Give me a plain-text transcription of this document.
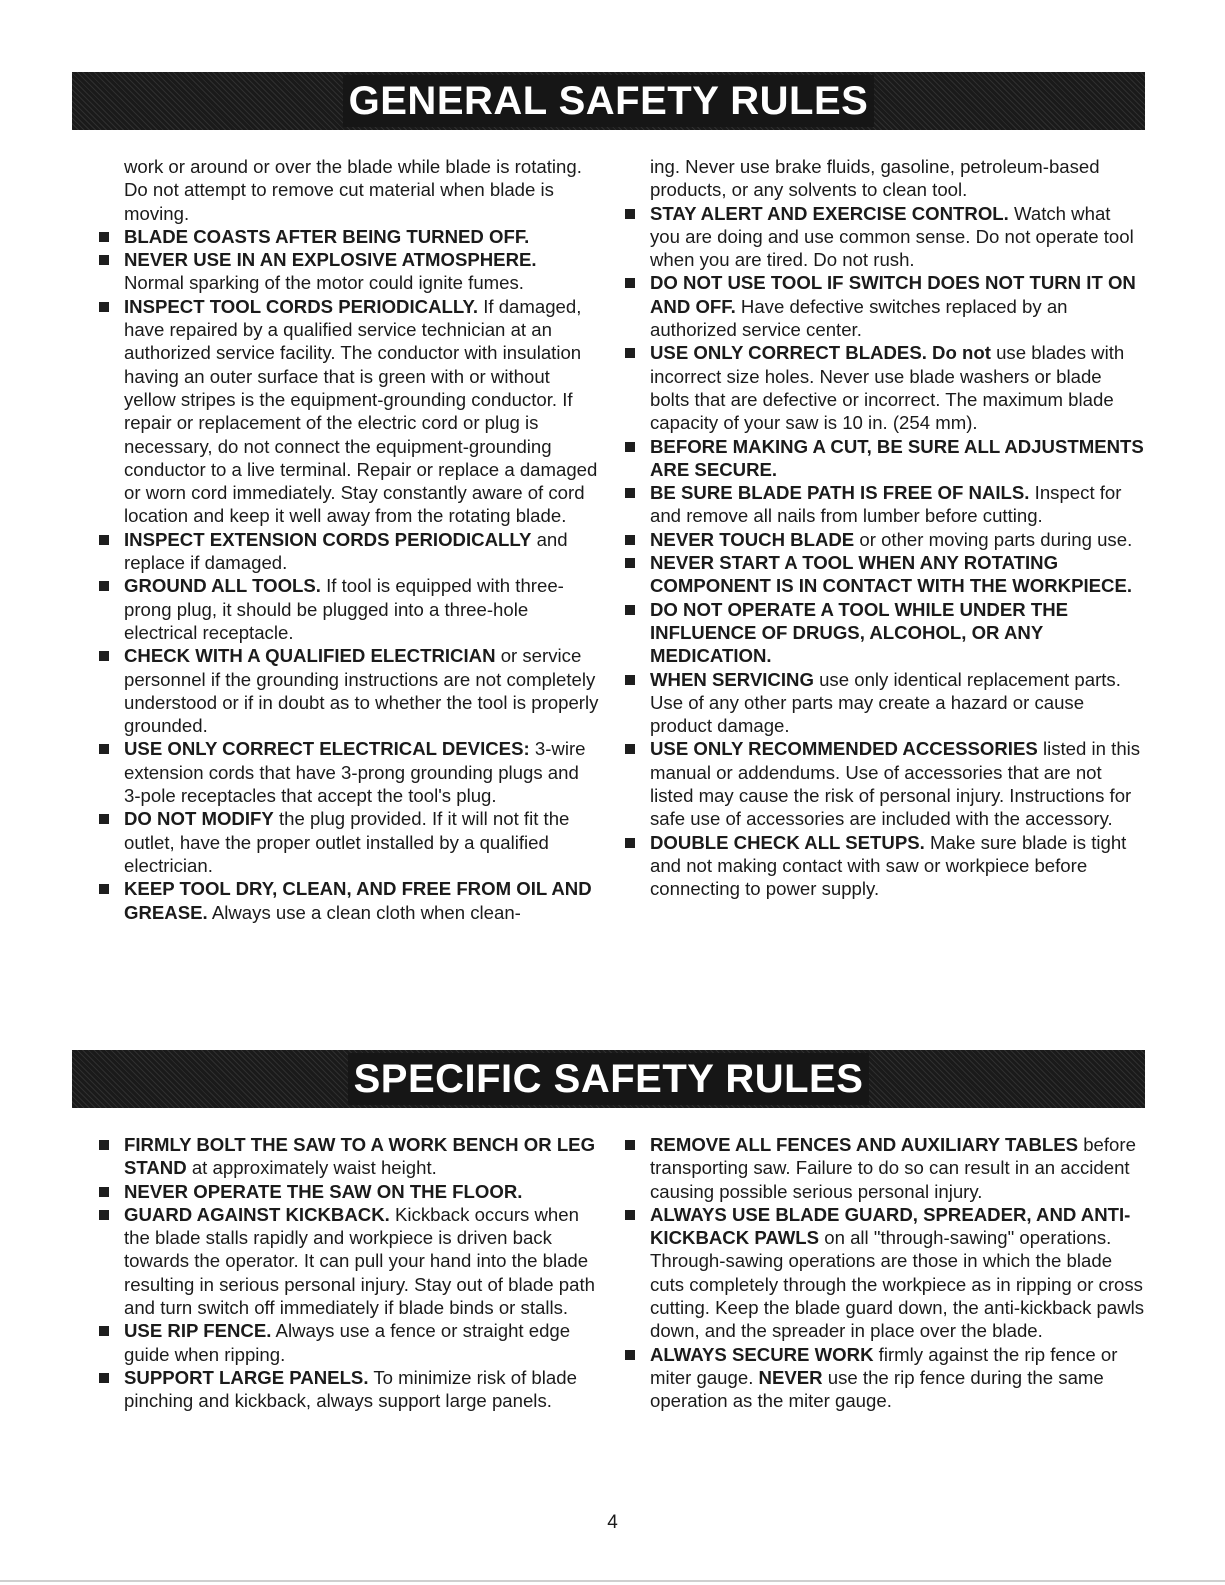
GENERAL SAFETY RULES

work or around or over the blade while blade is rotating. Do not attempt to remove cut material when blade is moving.

BLADE COASTS AFTER BEING TURNED OFF.

NEVER USE IN AN EXPLOSIVE ATMOSPHERE. Normal sparking of the motor could ignite fumes.

INSPECT TOOL CORDS PERIODICALLY. If damaged, have repaired by a qualified service technician at an authorized service facility. The conductor with insulation having an outer surface that is green with or without yellow stripes is the equipment-grounding conductor. If repair or replacement of the electric cord or plug is necessary, do not connect the equipment-grounding conductor to a live terminal. Repair or replace a damaged or worn cord immediately. Stay constantly aware of cord location and keep it well away from the rotating blade.

INSPECT EXTENSION CORDS PERIODICALLY and replace if damaged.

GROUND ALL TOOLS. If tool is equipped with three-prong plug, it should be plugged into a three-hole electrical receptacle.

CHECK WITH A QUALIFIED ELECTRICIAN or service personnel if the grounding instructions are not completely understood or if in doubt as to whether the tool is properly grounded.

USE ONLY CORRECT ELECTRICAL DEVICES: 3-wire extension cords that have 3-prong grounding plugs and 3-pole receptacles that accept the tool's plug.

DO NOT MODIFY the plug provided. If it will not fit the outlet, have the proper outlet installed by a qualified electrician.

KEEP TOOL DRY, CLEAN, AND FREE FROM OIL AND GREASE. Always use a clean cloth when clean-

ing. Never use brake fluids, gasoline, petroleum-based products, or any solvents to clean tool.

STAY ALERT AND EXERCISE CONTROL. Watch what you are doing and use common sense. Do not operate tool when you are tired. Do not rush.

DO NOT USE TOOL IF SWITCH DOES NOT TURN IT ON AND OFF. Have defective switches replaced by an authorized service center.

USE ONLY CORRECT BLADES. Do not use blades with incorrect size holes. Never use blade washers or blade bolts that are defective or incorrect. The maximum blade capacity of your saw is 10 in. (254 mm).

BEFORE MAKING A CUT, BE SURE ALL ADJUSTMENTS ARE SECURE.

BE SURE BLADE PATH IS FREE OF NAILS. Inspect for and remove all nails from lumber before cutting.

NEVER TOUCH BLADE or other moving parts during use.

NEVER START A TOOL WHEN ANY ROTATING COMPONENT IS IN CONTACT WITH THE WORKPIECE.

DO NOT OPERATE A TOOL WHILE UNDER THE INFLUENCE OF DRUGS, ALCOHOL, OR ANY MEDICATION.

WHEN SERVICING use only identical replacement parts. Use of any other parts may create a hazard or cause product damage.

USE ONLY RECOMMENDED ACCESSORIES listed in this manual or addendums. Use of accessories that are not listed may cause the risk of personal injury. Instructions for safe use of accessories are included with the accessory.

DOUBLE CHECK ALL SETUPS. Make sure blade is tight and not making contact with saw or workpiece before connecting to power supply.

SPECIFIC SAFETY RULES

FIRMLY BOLT THE SAW TO A WORK BENCH OR LEG STAND at approximately waist height.

NEVER OPERATE THE SAW ON THE FLOOR.

GUARD AGAINST KICKBACK. Kickback occurs when the blade stalls rapidly and workpiece is driven back towards the operator. It can pull your hand into the blade resulting in serious personal injury. Stay out of blade path and turn switch off immediately if blade binds or stalls.

USE RIP FENCE. Always use a fence or straight edge guide when ripping.

SUPPORT LARGE PANELS. To minimize risk of blade pinching and kickback, always support large panels.

REMOVE ALL FENCES AND AUXILIARY TABLES before transporting saw. Failure to do so can result in an accident causing possible serious personal injury.

ALWAYS USE BLADE GUARD, SPREADER, AND ANTI-KICKBACK PAWLS on all "through-sawing" operations. Through-sawing operations are those in which the blade cuts completely through the workpiece as in ripping or cross cutting. Keep the blade guard down, the anti-kickback pawls down, and the spreader in place over the blade.

ALWAYS SECURE WORK firmly against the rip fence or miter gauge. NEVER use the rip fence during the same operation as the miter gauge.

4
